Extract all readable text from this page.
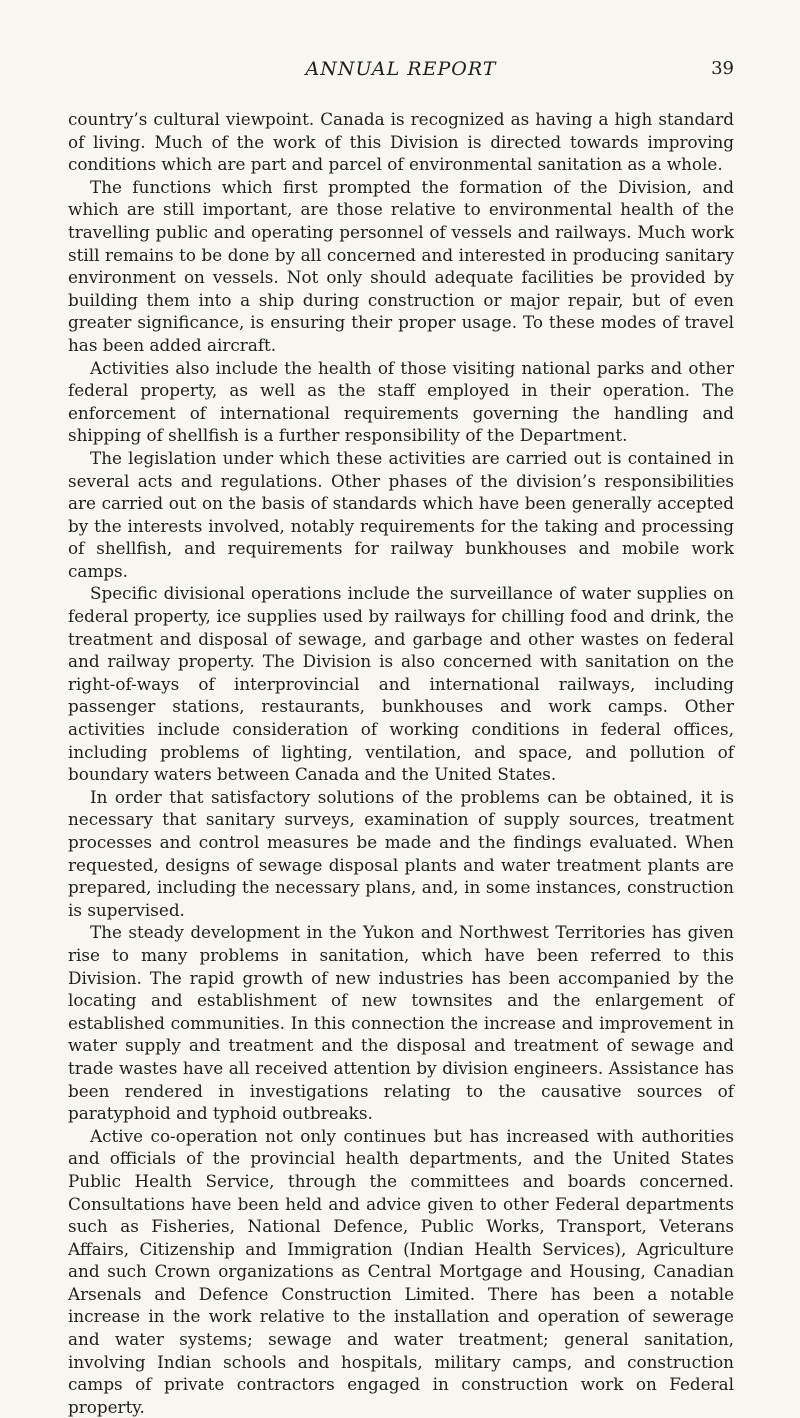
ANNUAL REPORT	39

country’s cultural viewpoint. Canada is recognized as having a high standard of living. Much of the work of this Division is directed towards improving conditions which are part and parcel of environmental sanitation as a whole.

The functions which first prompted the formation of the Division, and which are still important, are those relative to environmental health of the travelling public and operating personnel of vessels and railways. Much work still remains to be done by all concerned and interested in producing sanitary environment on vessels. Not only should adequate facilities be provided by building them into a ship during construction or major repair, but of even greater significance, is ensuring their proper usage. To these modes of travel has been added aircraft.

Activities also include the health of those visiting national parks and other federal property, as well as the staff employed in their operation. The enforcement of international requirements governing the handling and shipping of shellfish is a further responsibility of the Department.

The legislation under which these activities are carried out is contained in several acts and regulations. Other phases of the division’s responsibilities are carried out on the basis of standards which have been generally accepted by the interests involved, notably requirements for the taking and processing of shellfish, and requirements for railway bunkhouses and mobile work camps.

Specific divisional operations include the surveillance of water supplies on federal property, ice supplies used by railways for chilling food and drink, the treatment and disposal of sewage, and garbage and other wastes on federal and railway property. The Division is also concerned with sanitation on the right-of-ways of interprovincial and international railways, including passenger stations, restaurants, bunkhouses and work camps. Other activities include consideration of working conditions in federal offices, including problems of lighting, ventilation, and space, and pollution of boundary waters between Canada and the United States.

In order that satisfactory solutions of the problems can be obtained, it is necessary that sanitary surveys, examination of supply sources, treatment processes and control measures be made and the findings evaluated. When requested, designs of sewage disposal plants and water treatment plants are prepared, including the necessary plans, and, in some instances, construction is supervised.

The steady development in the Yukon and Northwest Territories has given rise to many problems in sanitation, which have been referred to this Division. The rapid growth of new industries has been accompanied by the locating and establishment of new townsites and the enlargement of established communities. In this connection the increase and improvement in water supply and treatment and the disposal and treatment of sewage and trade wastes have all received attention by division engineers. Assistance has been rendered in investigations relating to the causative sources of paratyphoid and typhoid outbreaks.

Active co-operation not only continues but has increased with authorities and officials of the provincial health departments, and the United States Public Health Service, through the committees and boards concerned. Consultations have been held and advice given to other Federal departments such as Fisheries, National Defence, Public Works, Transport, Veterans Affairs, Citizenship and Immigration (Indian Health Services), Agriculture and such Crown organizations as Central Mortgage and Housing, Canadian Arsenals and Defence Construction Limited. There has been a notable increase in the work relative to the installation and operation of sewerage and water systems; sewage and water treatment; general sanitation, involving Indian schools and hospitals, military camps, and construction camps of private contractors engaged in construction work on Federal property.
